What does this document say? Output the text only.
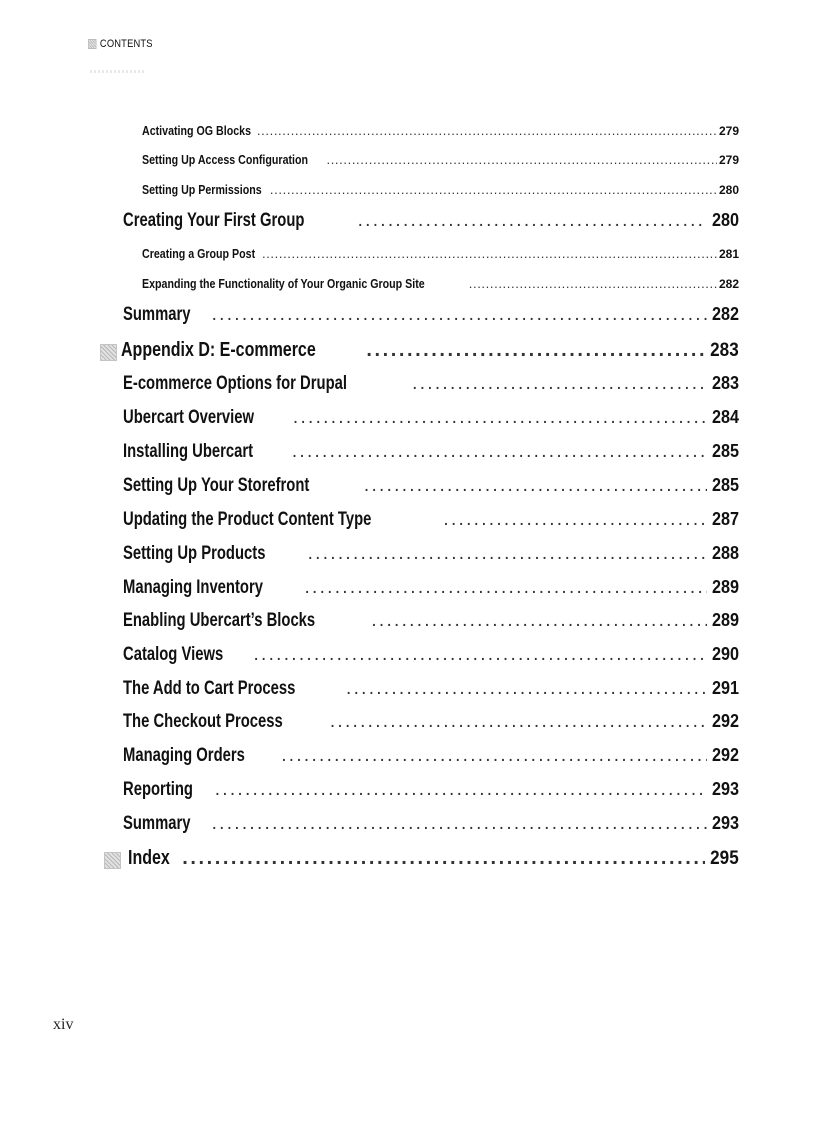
CONTENTS
Activating OG Blocks . . .	279
Setting Up Access Configuration . . .	279
Setting Up Permissions . . .	280
Creating Your First Group . . .	280
Creating a Group Post . . .	281
Expanding the Functionality of Your Organic Group Site . . .	282
Summary . . .	282
Appendix D: E-commerce . . .	283
E-commerce Options for Drupal . . .	283
Ubercart Overview . . .	284
Installing Ubercart . . .	285
Setting Up Your Storefront . . .	285
Updating the Product Content Type . . .	287
Setting Up Products . . .	288
Managing Inventory . . .	289
Enabling Ubercart’s Blocks . . .	289
Catalog Views . . .	290
The Add to Cart Process . . .	291
The Checkout Process . . .	292
Managing Orders . . .	292
Reporting . . .	293
Summary . . .	293
Index . . .	295
xiv
